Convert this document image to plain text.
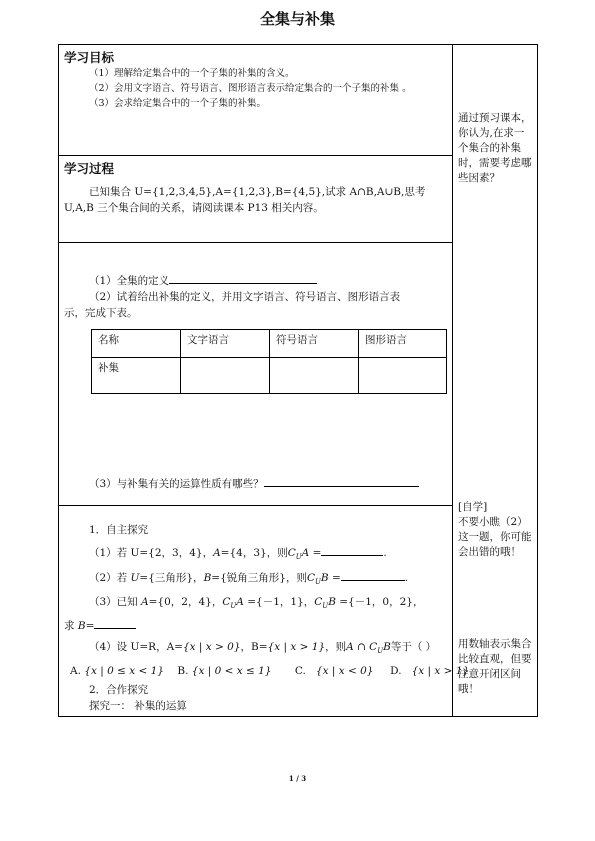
全集与补集
学习目标
（1）理解给定集合中的一个子集的补集的含义。
（2）会用文字语言、符号语言、图形语言表示给定集合的一个子集的补集 。
（3）会求给定集合中的一个子集的补集。
学习过程
已知集合 U={1,2,3,4,5},A={1,2,3},B={4,5},试求 A∩B,A∪B,思考
U,A,B 三个集合间的关系，请阅读课本 P13 相关内容。
（1）全集的定义
（2）试着给出补集的定义，并用文字语言、符号语言、图形语言表
示，完成下表。
名称	文字语言	符号语言	图形语言
补集			
（3）与补集有关的运算性质有哪些？
1．自主探究
（1）若 U={2，3，4}，A={4，3}，则$C_UA$ =	.
（2）若 U={三角形}，B={锐角三角形}，则$C_UB$ =	.
（3）已知 A={0，2，4}，$C_UA =\{-1$，1}，$C_UB =\{-1$，0，2}，
求 B=
（4）设 U=R，A={x | x > 0}，B={x | x > 1}，则A ∩ $C_UB$等于（ ）
A. {x | 0 ≤ x < 1} B. {x | 0 < x ≤ 1} C. {x | x < 0} D. {x | x > 1}
2．合作探究
探究一： 补集的运算
通过预习课本，你认为,在求一个集合的补集时，需要考虑哪些因素？
[自学]
不要小瞧（2）这一题，你可能会出错的哦！
用数轴表示集合比较直观，但要注意开闭区间哦！
1 / 3
